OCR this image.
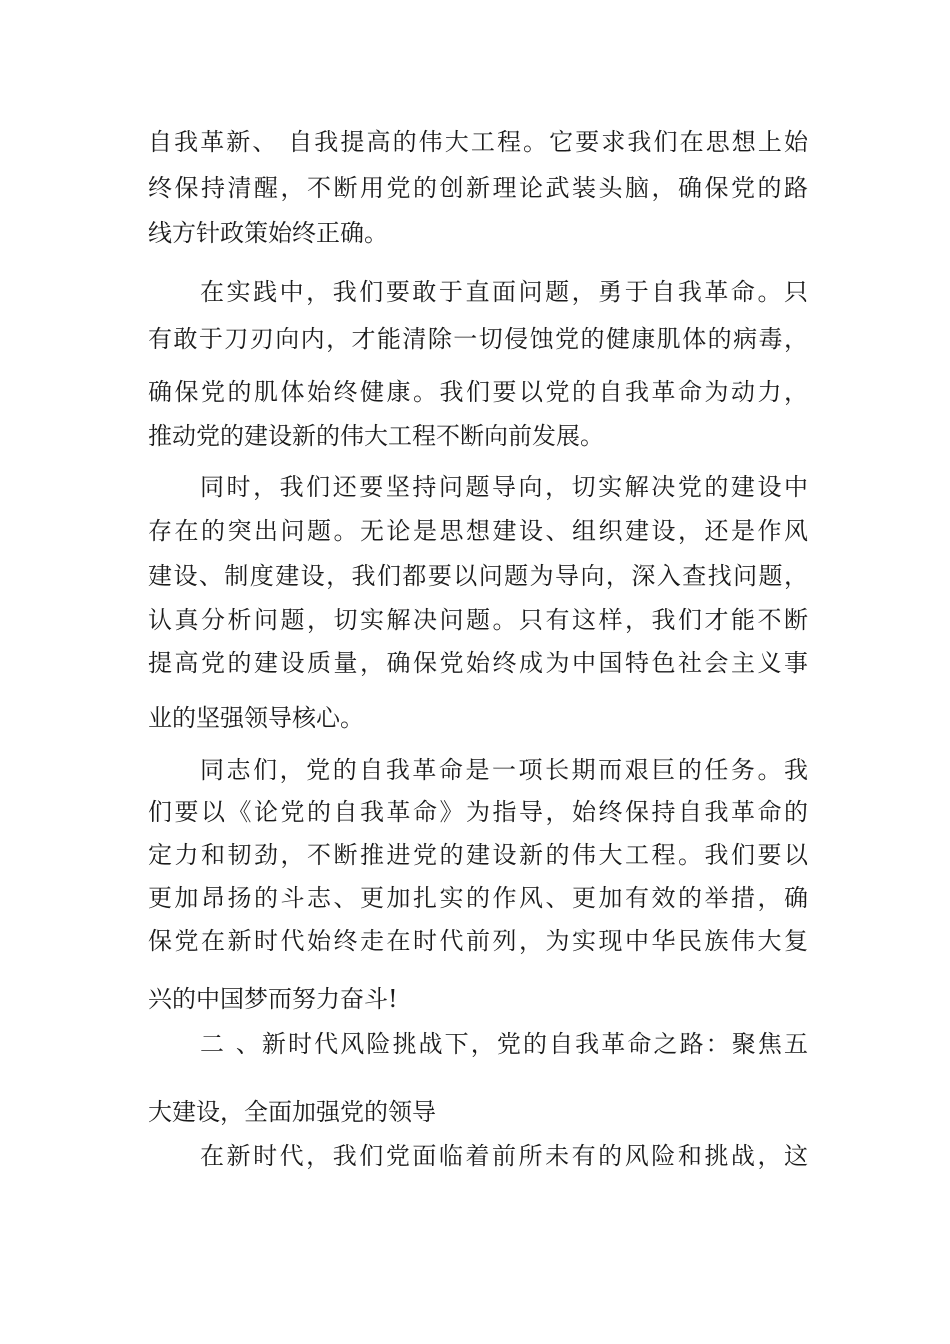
自我革新、 自我提高的伟大工程。它要求我们在思想上始
终保持清醒，不断用党的创新理论武装头脑，确保党的路
线方针政策始终正确。
在实践中，我们要敢于直面问题，勇于自我革命。只
有敢于刀刃向内，才能清除一切侵蚀党的健康肌体的病毒，
确保党的肌体始终健康。我们要以党的自我革命为动力，
推动党的建设新的伟大工程不断向前发展。
同时，我们还要坚持问题导向，切实解决党的建设中
存在的突出问题。无论是思想建设、组织建设，还是作风
建设、制度建设，我们都要以问题为导向，深入查找问题，
认真分析问题，切实解决问题。只有这样，我们才能不断
提高党的建设质量，确保党始终成为中国特色社会主义事
业的坚强领导核心。
同志们，党的自我革命是一项长期而艰巨的任务。我
们要以《论党的自我革命》为指导，始终保持自我革命的
定力和韧劲，不断推进党的建设新的伟大工程。我们要以
更加昂扬的斗志、更加扎实的作风、更加有效的举措，确
保党在新时代始终走在时代前列，为实现中华民族伟大复
兴的中国梦而努力奋斗!
二 、新时代风险挑战下，党的自我革命之路：聚焦五
大建设，全面加强党的领导
在新时代，我们党面临着前所未有的风险和挑战，这
